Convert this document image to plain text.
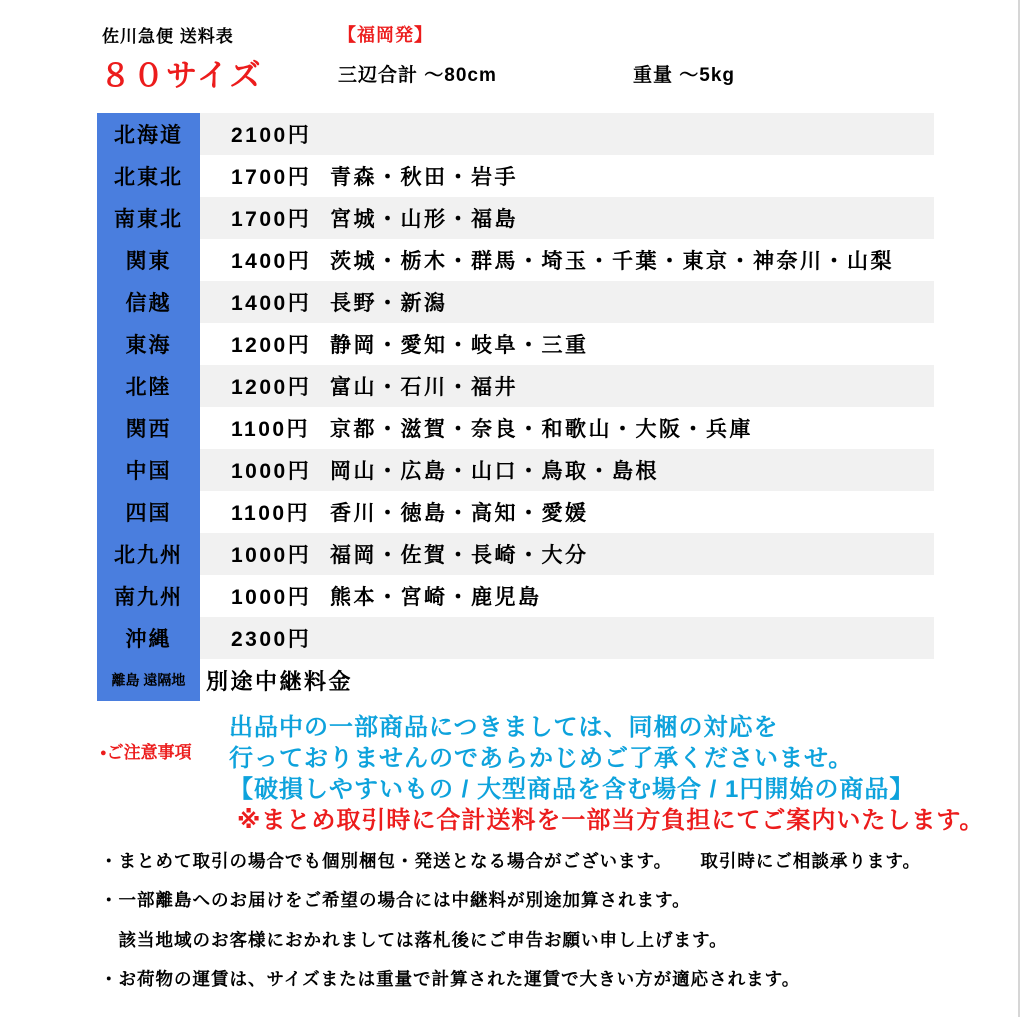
佐川急便 送料表	【福岡発】
８０サイズ	三辺合計 ～80cm	重量 ～5kg
北海道	2100円
北東北	1700円 青森・秋田・岩手
南東北	1700円 宮城・山形・福島
関東	1400円 茨城・栃木・群馬・埼玉・千葉・東京・神奈川・山梨
信越	1400円 長野・新潟
東海	1200円 静岡・愛知・岐阜・三重
北陸	1200円 富山・石川・福井
関西	1100円 京都・滋賀・奈良・和歌山・大阪・兵庫
中国	1000円 岡山・広島・山口・鳥取・島根
四国	1100円 香川・徳島・高知・愛媛
北九州	1000円 福岡・佐賀・長崎・大分
南九州	1000円 熊本・宮崎・鹿児島
沖縄	2300円
離島 遠隔地 別途中継料金
●ご注意事項
出品中の一部商品につきましては、同梱の対応を
行っておりませんのであらかじめご了承くださいませ。
【破損しやすいもの / 大型商品を含む場合 / 1円開始の商品】
※まとめ取引時に合計送料を一部当方負担にてご案内いたします。
・まとめて取引の場合でも個別梱包・発送となる場合がございます。　　取引時にご相談承ります。
・一部離島へのお届けをご希望の場合には中継料が別途加算されます。
　該当地域のお客様におかれましては落札後にご申告お願い申し上げます。
・お荷物の運賃は、サイズまたは重量で計算された運賃で大きい方が適応されます。
